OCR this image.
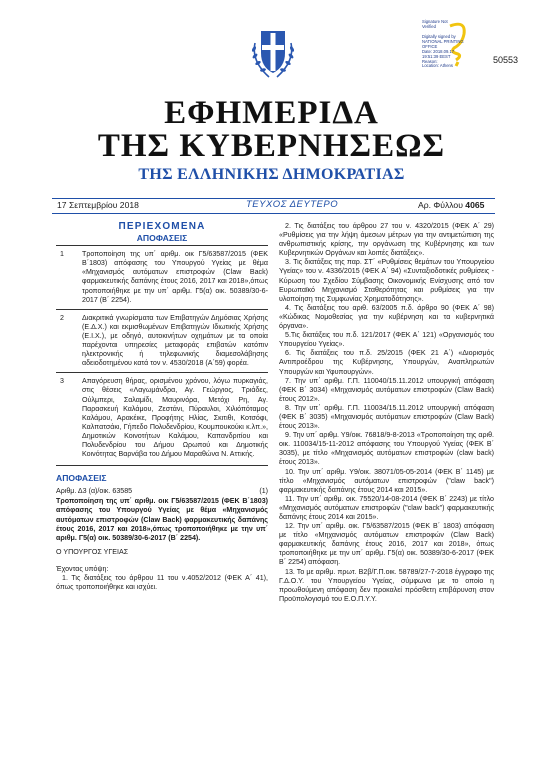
Signature Not
Verified
Digitally signed by
NATIONAL PRINTING
OFFICE
Date: 2018.09.17
19:51:39 EEST
Reason:
Location: Athens
50553
ΕΦΗΜΕΡΙΔΑ
ΤΗΣ ΚΥΒΕΡΝΗΣΕΩΣ
ΤΗΣ ΕΛΛΗΝΙΚΗΣ ΔΗΜΟΚΡΑΤΙΑΣ
17 Σεπτεμβρίου 2018	ΤΕΥΧΟΣ ΔΕΥΤΕΡΟ	Αρ. Φύλλου 4065
ΠΕΡΙΕΧΟΜΕΝΑ
ΑΠΟΦΑΣΕΙΣ
1	Τροποποίηση της υπ΄ αριθμ. οικ Γ5/63587/2015 (ΦΕΚ Β΄1803) απόφασης του Υπουργού Υγείας με θέμα «Μηχανισμός αυτόματων επιστροφών (Claw Back) φαρμακευτικής δαπάνης έτους 2016, 2017 και 2018»,όπως τροποποιήθηκε με την υπ΄ αριθμ. Γ5(α) οικ. 50389/30-6-2017 (Β΄ 2254).
2	Διακριτικά γνωρίσματα των Επιβατηγών Δημόσιας Χρήσης (Ε.Δ.Χ.) και εκμισθωμένων Επιβατηγών Ιδιωτικής Χρήσης (Ε.Ι.Χ.), με οδηγό, αυτοκινήτων οχημάτων με τα οποία παρέχονται υπηρεσίες μεταφοράς επιβατών κατόπιν ηλεκτρονικής ή τηλεφωνικής διαμεσολάβησης αδειοδοτημένου κατά τον ν. 4530/2018 (Α΄59) φορέα.
3	Απαγόρευση θήρας, ορισμένου χρόνου, λόγω πυρκαγιάς, στις θέσεις «Λαγωμάνδρα, Αγ. Γεώργιος, Τριάδες, Ούλμπερι, Σαλαμίδι, Μαυρινόρα, Μετόχι Ρη, Αγ. Παρασκευή Καλάμου, Ζεστάνι, Πύραυλοι, Χιλιόπόταμος Καλάμου, Αρακέικε, Προφήτης Ηλίας, Σκιτιθι, Κοτσόφι, Καλπατσάκι, Γήπεδο Πολυδενδρίου, Κουμπουκούκι κ.λπ.», Δημοτικών Κοινοτήτων Καλάμου, Καπανδριτίου και Πολυδενδρίου του Δήμου Ωρωπού και Δημοτικής Κοινότητας Βαρνάβα του Δήμου Μαραθώνα Ν. Αττικής.
ΑΠΟΦΑΣΕΙΣ
Αριθμ. Δ3 (α)/οικ. 63585	(1)
Τροποποίηση της υπ΄ αριθμ. οικ Γ5/63587/2015 (ΦΕΚ Β΄1803) απόφασης του Υπουργού Υγείας με θέμα «Μηχανισμός αυτόματων επιστροφών (Claw Back) φαρμακευτικής δαπάνης έτους 2016, 2017 και 2018»,όπως τροποποιήθηκε με την υπ΄ αριθμ. Γ5(α) οικ. 50389/30-6-2017 (Β΄ 2254).
Ο ΥΠΟΥΡΓΟΣ ΥΓΕΙΑΣ

Έχοντας υπόψη:

1. Τις διατάξεις του άρθρου 11 του ν.4052/2012 (ΦΕΚ Α΄ 41), όπως τροποποιήθηκε και ισχύει.

2. Τις διατάξεις του άρθρου 27 του ν. 4320/2015 (ΦΕΚ Α΄ 29) «Ρυθμίσεις για την λήψη άμεσων μέτρων για την αντιμετώπιση της ανθρωπιστικής κρίσης, την οργάνωση της Κυβέρνησης και των Κυβερνητικών Οργάνων και λοιπές διατάξεις».

3. Τις διατάξεις της παρ. ΣΤ΄ «Ρυθμίσεις θεμάτων του Υπουργείου Υγείας» του ν. 4336/2015 (ΦΕΚ Α΄ 94) «Συνταξιοδοτικές ρυθμίσεις - Κύρωση του Σχεδίου Σύμβασης Οικονομικής Ενίσχυσης από τον Ευρωπαϊκό Μηχανισμό Σταθερότητας και ρυθμίσεις για την υλοποίηση της Συμφωνίας Χρηματοδότησης».

4. Τις διατάξεις του αριθ. 63/2005 π.δ. άρθρο 90 (ΦΕΚ Α΄ 98) «Κώδικας Νομοθεσίας για την κυβέρνηση και τα κυβερνητικά όργανα».

5.Τις διατάξεις του π.δ. 121/2017 (ΦΕΚ Α΄ 121) «Οργανισμός του Υπουργείου Υγείας».

6. Τις διατάξεις του π.δ. 25/2015 (ΦΕΚ 21 Α΄) «Διορισμός Αντιπροέδρου της Κυβέρνησης, Υπουργών, Αναπληρωτών Υπουργών και Υφυπουργών».

7. Την υπ΄ αριθμ. Γ.Π. 110040/15.11.2012 υπουργική απόφαση (ΦΕΚ Β΄ 3034) «Μηχανισμός αυτόματων επιστροφών (Claw Back) έτους 2012».

8. Την υπ΄ αριθμ. Γ.Π. 110034/15.11.2012 υπουργική απόφαση (ΦΕΚ Β΄ 3035) «Μηχανισμός αυτόματων επιστροφών (Claw Back) έτους 2013».

9. Την υπ΄ αριθμ. Υ9/οικ. 76818/9-8-2013 «Τροποποίηση της αριθ. οικ. 110034/15-11-2012 απόφασης του Υπουργού Υγείας (ΦΕΚ Β΄ 3035), με τίτλο «Μηχανισμός αυτόματων επιστροφών (claw back) έτους 2013».

10. Την υπ΄ αριθμ. Υ9/οικ. 38071/05-05-2014 (ΦΕΚ Β΄ 1145) με τίτλο «Μηχανισμός αυτόματων επιστροφών ("claw back") φαρμακευτικής δαπάνης έτους 2014 και 2015».

11. Την υπ΄ αριθμ. οικ. 75520/14-08-2014 (ΦΕΚ Β΄ 2243) με τίτλο «Μηχανισμός αυτόματων επιστροφών ("claw back") φαρμακευτικής δαπάνης έτους 2014 και 2015».

12. Την υπ΄ αριθμ. οικ. Γ5/63587/2015 (ΦΕΚ Β΄ 1803) απόφαση με τίτλο «Μηχανισμός αυτόματων επιστροφών (Claw Back) φαρμακευτικής δαπάνης έτους 2016, 2017 και 2018», όπως τροποποιήθηκε με την υπ΄ αριθμ. Γ5(α) οικ. 50389/30-6-2017 (ΦΕΚ Β΄ 2254) απόφαση.

13. Το με αριθμ. πρωτ. Β2β/Γ.Π.οικ. 58789/27-7-2018 έγγραφο της Γ.Δ.Ο.Υ. του Υπουργείου Υγείας, σύμφωνα με το οποίο η προωθούμενη απόφαση δεν προκαλεί πρόσθετη επιβάρυνση στον Προϋπολογισμό του Ε.Ο.Π.Υ.Υ.
